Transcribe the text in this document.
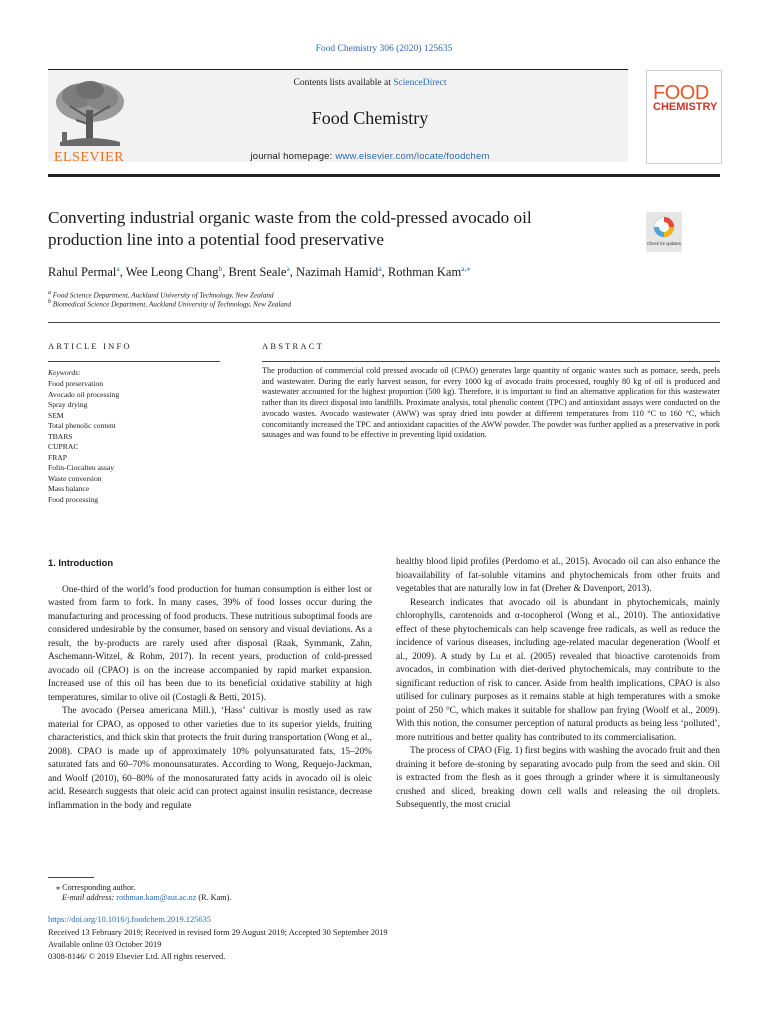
Food Chemistry 306 (2020) 125635
Contents lists available at ScienceDirect
Food Chemistry
journal homepage: www.elsevier.com/locate/foodchem
ELSEVIER
FOOD
CHEMISTRY
Converting industrial organic waste from the cold-pressed avocado oil production line into a potential food preservative	Check for updates
Rahul Permal$^a$, Wee Leong Chang$^b$, Brent Seale$^a$, Nazimah Hamid$^a$, Rothman Kam$^{a,⁎}$
$^a$ Food Science Department, Auckland University of Technology, New Zealand
$^b$ Biomedical Science Department, Auckland University of Technology, New Zealand
ARTICLE INFO
Keywords:
Food preservation
Avocado oil processing
Spray drying
SEM
Total phenolic content
TBARS
CUPRAC
FRAP
Folin-Ciocalteu assay
Waste conversion
Mass balance
Food processing
ABSTRACT
The production of commercial cold pressed avocado oil (CPAO) generates large quantity of organic wastes such as pomace, seeds, peels and wastewater. During the early harvest season, for every 1000 kg of avocado fruits processed, roughly 80 kg of oil is produced and wastewater accounted for the highest proportion (500 kg). Therefore, it is important to find an alternative application for this wastewater rather than its direct disposal into landfills. Proximate analysis, total phenolic content (TPC) and antioxidant assays were conducted on the avocado wastes. Avocado wastewater (AWW) was spray dried into powder at different temperatures from 110 °C to 160 °C, which concomitantly increased the TPC and antioxidant capacities of the AWW powder. The powder was further applied as a preservative in pork sausages and was found to be effective in preventing lipid oxidation.
1. Introduction

One-third of the world’s food production for human consumption is either lost or wasted from farm to fork. In many cases, 39% of food losses occur during the manufacturing and processing of food products. These nutritious suboptimal foods are considered undesirable by the consumer, based on sensory and visual deviations. As a result, the by-products are rarely used after disposal (Raak, Symmank, Zahn, Aschemann-Witzel, & Rohm, 2017). In recent years, production of cold-pressed avocado oil (CPAO) is on the increase accompanied by rapid market expansion. Increased use of this oil has been due to its beneficial oxidative stability at high temperatures, similar to olive oil (Costagli & Betti, 2015).

The avocado (Persea americana Mill.), ‘Hass’ cultivar is mostly used as raw material for CPAO, as opposed to other varieties due to its superior yields, fruiting characteristics, and thick skin that protects the fruit during transportation (Wong et al., 2008). CPAO is made up of approximately 10% polyunsaturated fats, 15–20% saturated fats and 60–70% monounsaturates. According to Wong, Requejo-Jackman, and Woolf (2010), 60–80% of the monosaturated fatty acids in avocado oil is oleic acid. Research suggests that oleic acid can protect against insulin resistance, decrease inflammation in the body and regulate

healthy blood lipid profiles (Perdomo et al., 2015). Avocado oil can also enhance the bioavailability of fat-soluble vitamins and phytochemicals from other fruits and vegetables that are naturally low in fat (Dreher & Davenport, 2013).

Research indicates that avocado oil is abundant in phytochemicals, mainly chlorophylls, carotenoids and α-tocopherol (Wong et al., 2010). The antioxidative effect of these phytochemicals can help scavenge free radicals, as well as reduce the incidence of various diseases, including age-related macular degeneration (Woolf et al., 2009). A study by Lu et al. (2005) revealed that bioactive carotenoids from avocados, in combination with diet-derived phytochemicals, may contribute to the significant reduction of risk to cancer. Aside from health implications, CPAO is also utilised for culinary purposes as it remains stable at high temperatures with a smoke point of 250 °C, which makes it suitable for shallow pan frying (Woolf et al., 2009). With this notion, the consumer perception of natural products as being less ‘polluted’, more nutritious and better quality has contributed to its commercialisation.

The process of CPAO (Fig. 1) first begins with washing the avocado fruit and then draining it before de-stoning by separating avocado pulp from the seed and skin. Oil is extracted from the flesh as it goes through a grinder where it is simultaneously crushed and sliced, breaking down cell walls and releasing the oil droplets. Subsequently, the most crucial

⁎ Corresponding author.
E-mail address: rothman.kam@aut.ac.nz (R. Kam).
https://doi.org/10.1016/j.foodchem.2019.125635
Received 13 February 2019; Received in revised form 29 August 2019; Accepted 30 September 2019
Available online 03 October 2019
0308-8146/ © 2019 Elsevier Ltd. All rights reserved.
